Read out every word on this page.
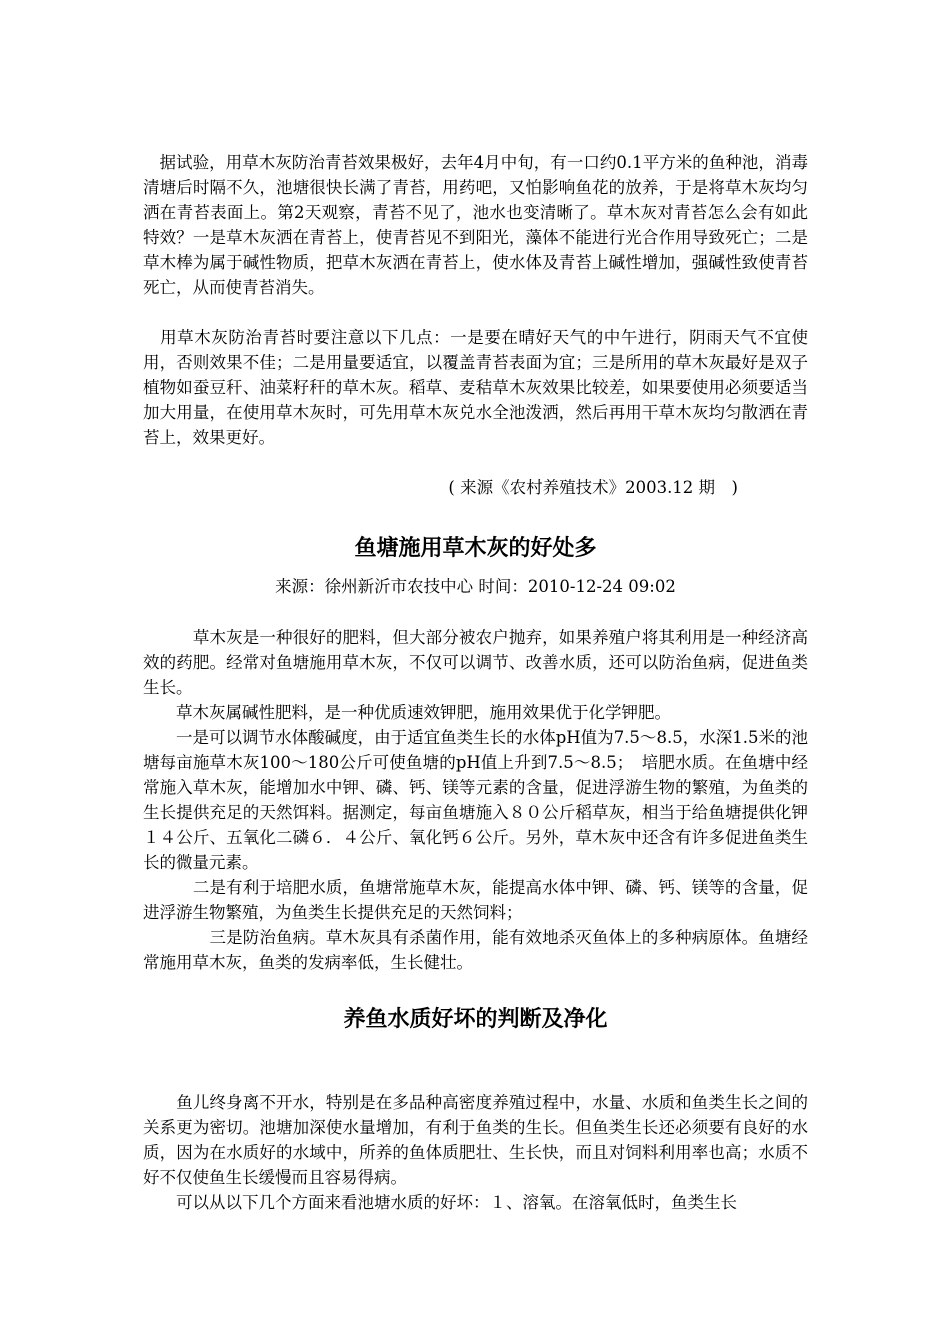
　据试验，用草木灰防治青苔效果极好，去年4月中旬，有一口约0.1平方米的鱼种池，消毒清塘后时隔不久，池塘很快长满了青苔，用药吧，又怕影响鱼花的放养，于是将草木灰均匀洒在青苔表面上。第2天观察，青苔不见了，池水也变清晰了。草木灰对青苔怎么会有如此特效？一是草木灰洒在青苔上，使青苔见不到阳光，藻体不能进行光合作用导致死亡；二是草木棒为属于碱性物质，把草木灰洒在青苔上，使水体及青苔上碱性增加，强碱性致使青苔死亡，从而使青苔消失。

　用草木灰防治青苔时要注意以下几点：一是要在晴好天气的中午进行，阴雨天气不宜使用，否则效果不佳；二是用量要适宜，以覆盖青苔表面为宜；三是所用的草木灰最好是双子植物如蚕豆秆、油菜籽秆的草木灰。稻草、麦秸草木灰效果比较差，如果要使用必须要适当加大用量，在使用草木灰时，可先用草木灰兑水全池泼洒，然后再用干草木灰均匀散洒在青苔上，效果更好。

( 来源《农村养殖技术》2003.12 期　)

鱼塘施用草木灰的好处多

来源：徐州新沂市农技中心 时间：2010-12-24 09:02

　　　草木灰是一种很好的肥料，但大部分被农户抛弃，如果养殖户将其利用是一种经济高效的药肥。经常对鱼塘施用草木灰，不仅可以调节、改善水质，还可以防治鱼病，促进鱼类生长。

　　草木灰属碱性肥料，是一种优质速效钾肥，施用效果优于化学钾肥。

　　一是可以调节水体酸碱度，由于适宜鱼类生长的水体pH值为7.5～8.5，水深1.5米的池塘每亩施草木灰100～180公斤可使鱼塘的pH值上升到7.5～8.5；　培肥水质。在鱼塘中经常施入草木灰，能增加水中钾、磷、钙、镁等元素的含量，促进浮游生物的繁殖，为鱼类的生长提供充足的天然饵料。据测定，每亩鱼塘施入８０公斤稻草灰，相当于给鱼塘提供化钾１４公斤、五氧化二磷６．４公斤、氧化钙６公斤。另外，草木灰中还含有许多促进鱼类生长的微量元素。

　　　二是有利于培肥水质，鱼塘常施草木灰，能提高水体中钾、磷、钙、镁等的含量，促进浮游生物繁殖，为鱼类生长提供充足的天然饲料；

　　　　三是防治鱼病。草木灰具有杀菌作用，能有效地杀灭鱼体上的多种病原体。鱼塘经常施用草木灰，鱼类的发病率低，生长健壮。

养鱼水质好坏的判断及净化

　　鱼儿终身离不开水，特别是在多品种高密度养殖过程中，水量、水质和鱼类生长之间的关系更为密切。池塘加深使水量增加，有利于鱼类的生长。但鱼类生长还必须要有良好的水质，因为在水质好的水域中，所养的鱼体质肥壮、生长快，而且对饲料利用率也高；水质不好不仅使鱼生长缓慢而且容易得病。

　　可以从以下几个方面来看池塘水质的好坏：１、溶氧。在溶氧低时，鱼类生长
